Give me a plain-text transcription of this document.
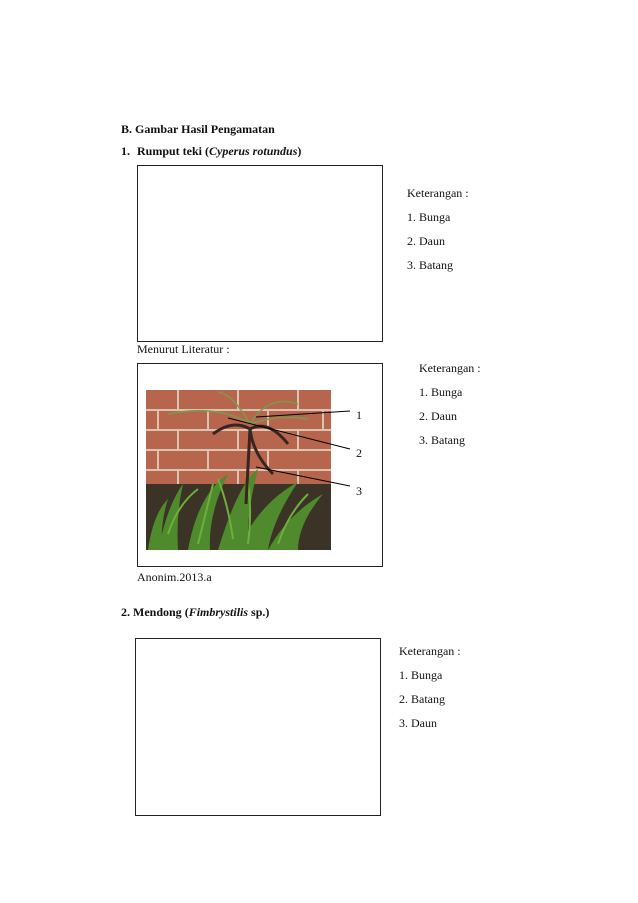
B. Gambar Hasil Pengamatan
1. Rumput teki (Cyperus rotundus)
Keterangan :
1. Bunga
2. Daun
3. Batang
Menurut Literatur :
1
2
3
Keterangan :
1. Bunga
2. Daun
3. Batang
Anonim.2013.a
2. Mendong (Fimbrystilis sp.)
Keterangan :
1. Bunga
2. Batang
3. Daun
